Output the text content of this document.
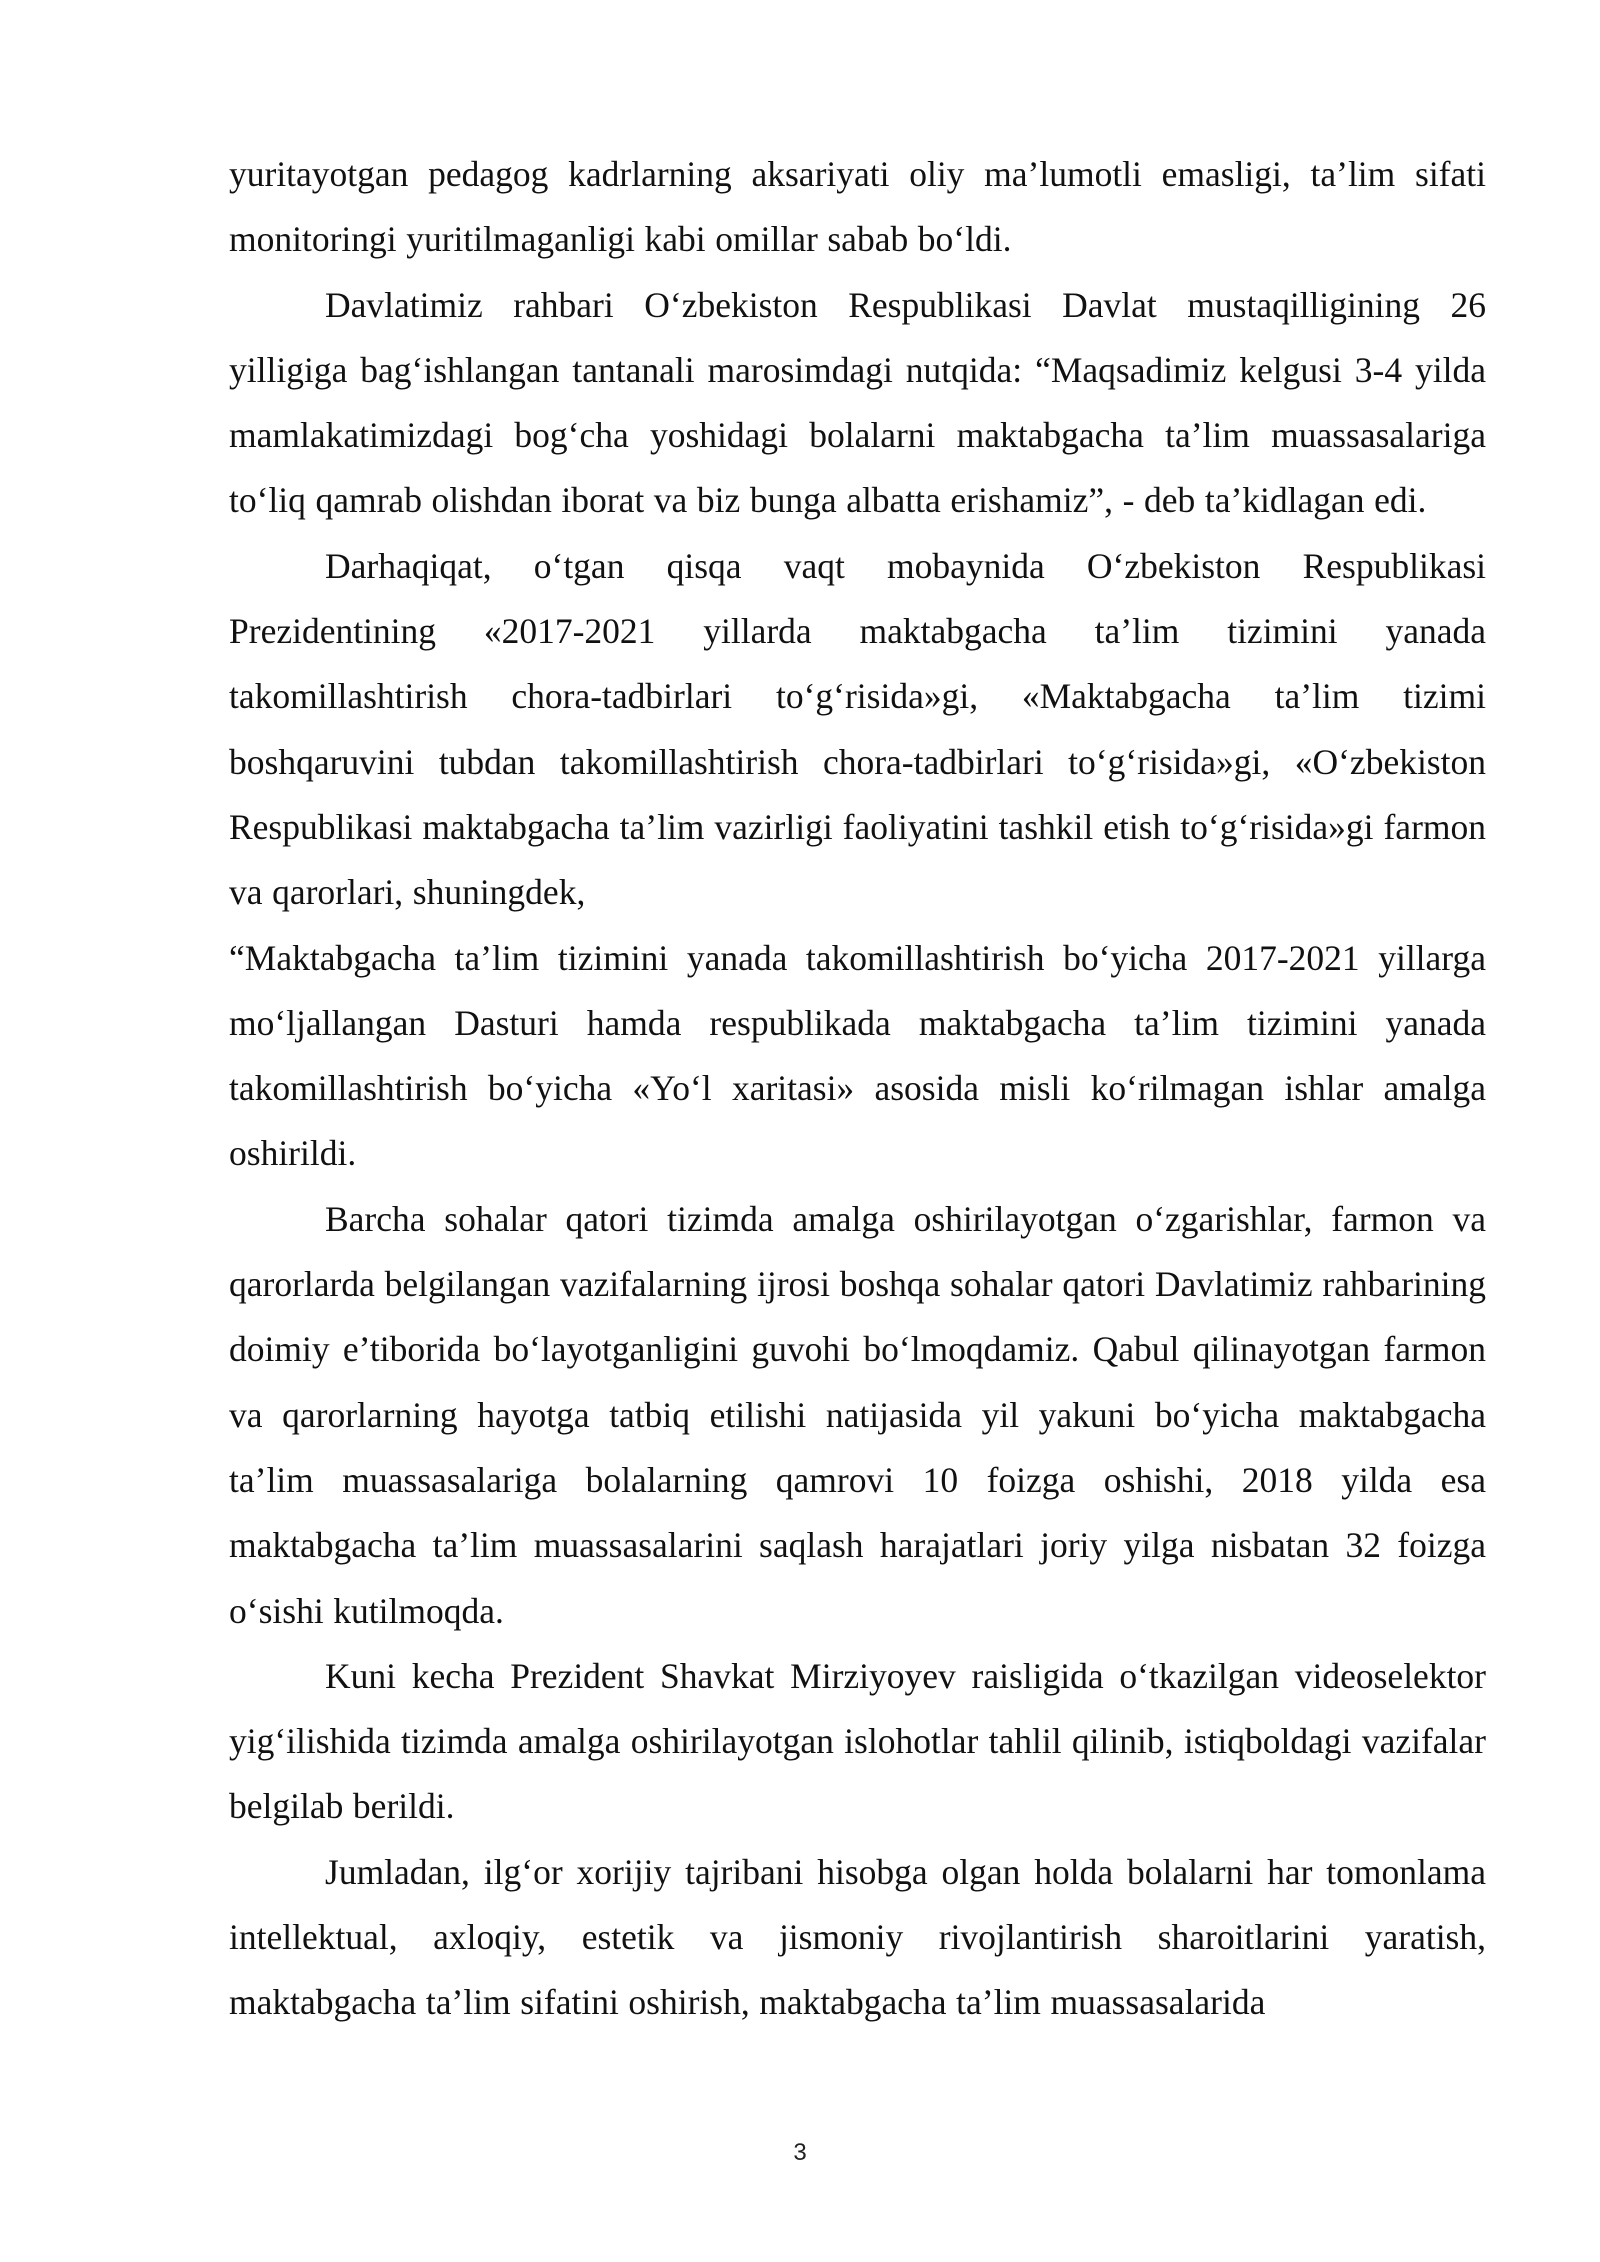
yuritayotgan pedagog kadrlarning aksariyati oliy ma’lumotli emasligi, ta’lim sifati monitoringi yuritilmaganligi kabi omillar sabab bo‘ldi.

Davlatimiz rahbari O‘zbekiston Respublikasi Davlat mustaqilligining 26 yilligiga bag‘ishlangan tantanali marosimdagi nutqida: “Maqsadimiz kelgusi 3-4 yilda mamlakatimizdagi bog‘cha yoshidagi bolalarni maktabgacha ta’lim muassasalariga to‘liq qamrab olishdan iborat va biz bunga albatta erishamiz”, - deb ta’kidlagan edi.

Darhaqiqat, o‘tgan qisqa vaqt mobaynida O‘zbekiston Respublikasi Prezidentining «2017-2021 yillarda maktabgacha ta’lim tizimini yanada takomillashtirish chora-tadbirlari to‘g‘risida»gi, «Maktabgacha ta’lim tizimi boshqaruvini tubdan takomillashtirish chora-tadbirlari to‘g‘risida»gi, «O‘zbekiston Respublikasi maktabgacha ta’lim vazirligi faoliyatini tashkil etish to‘g‘risida»gi farmon va qarorlari, shuningdek,

“Maktabgacha ta’lim tizimini yanada takomillashtirish bo‘yicha 2017-2021 yillarga mo‘ljallangan Dasturi hamda respublikada maktabgacha ta’lim tizimini yanada takomillashtirish bo‘yicha «Yo‘l xaritasi» asosida misli ko‘rilmagan ishlar amalga oshirildi.

Barcha sohalar qatori tizimda amalga oshirilayotgan o‘zgarishlar, farmon va qarorlarda belgilangan vazifalarning ijrosi boshqa sohalar qatori Davlatimiz rahbarining doimiy e’tiborida bo‘layotganligini guvohi bo‘lmoqdamiz. Qabul qilinayotgan farmon va qarorlarning hayotga tatbiq etilishi natijasida yil yakuni bo‘yicha maktabgacha ta’lim muassasalariga bolalarning qamrovi 10 foizga oshishi, 2018 yilda esa maktabgacha ta’lim muassasalarini saqlash harajatlari joriy yilga nisbatan 32 foizga o‘sishi kutilmoqda.

Kuni kecha Prezident Shavkat Mirziyoyev raisligida o‘tkazilgan videoselektor yig‘ilishida tizimda amalga oshirilayotgan islohotlar tahlil qilinib, istiqboldagi vazifalar belgilab berildi.

Jumladan, ilg‘or xorijiy tajribani hisobga olgan holda bolalarni har tomonlama intellektual, axloqiy, estetik va jismoniy rivojlantirish sharoitlarini yaratish, maktabgacha ta’lim sifatini oshirish, maktabgacha ta’lim muassasalarida

3
